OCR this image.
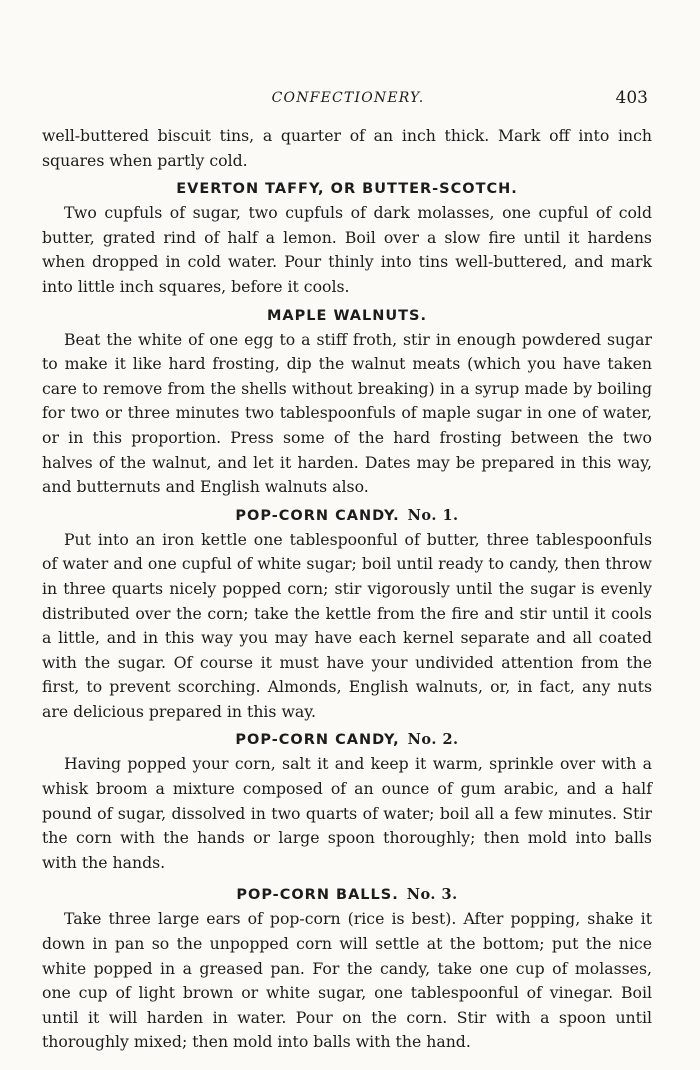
CONFECTIONERY.	403

well-buttered biscuit tins, a quarter of an inch thick. Mark off into inch squares when partly cold.

EVERTON TAFFY, OR BUTTER-SCOTCH.

Two cupfuls of sugar, two cupfuls of dark molasses, one cupful of cold butter, grated rind of half a lemon. Boil over a slow fire until it hardens when dropped in cold water. Pour thinly into tins well-buttered, and mark into little inch squares, before it cools.

MAPLE WALNUTS.

Beat the white of one egg to a stiff froth, stir in enough powdered sugar to make it like hard frosting, dip the walnut meats (which you have taken care to remove from the shells without breaking) in a syrup made by boiling for two or three minutes two tablespoonfuls of maple sugar in one of water, or in this proportion. Press some of the hard frosting between the two halves of the walnut, and let it harden. Dates may be prepared in this way, and butternuts and English walnuts also.

POP-CORN CANDY. No. 1.

Put into an iron kettle one tablespoonful of butter, three tablespoonfuls of water and one cupful of white sugar; boil until ready to candy, then throw in three quarts nicely popped corn; stir vigorously until the sugar is evenly distributed over the corn; take the kettle from the fire and stir until it cools a little, and in this way you may have each kernel separate and all coated with the sugar. Of course it must have your undivided attention from the first, to prevent scorching. Almonds, English walnuts, or, in fact, any nuts are delicious prepared in this way.

POP-CORN CANDY, No. 2.

Having popped your corn, salt it and keep it warm, sprinkle over with a whisk broom a mixture composed of an ounce of gum arabic, and a half pound of sugar, dissolved in two quarts of water; boil all a few minutes. Stir the corn with the hands or large spoon thoroughly; then mold into balls with the hands.

POP-CORN BALLS. No. 3.

Take three large ears of pop-corn (rice is best). After popping, shake it down in pan so the unpopped corn will settle at the bottom; put the nice white popped in a greased pan. For the candy, take one cup of molasses, one cup of light brown or white sugar, one tablespoonful of vinegar. Boil until it will harden in water. Pour on the corn. Stir with a spoon until thoroughly mixed; then mold into balls with the hand.
